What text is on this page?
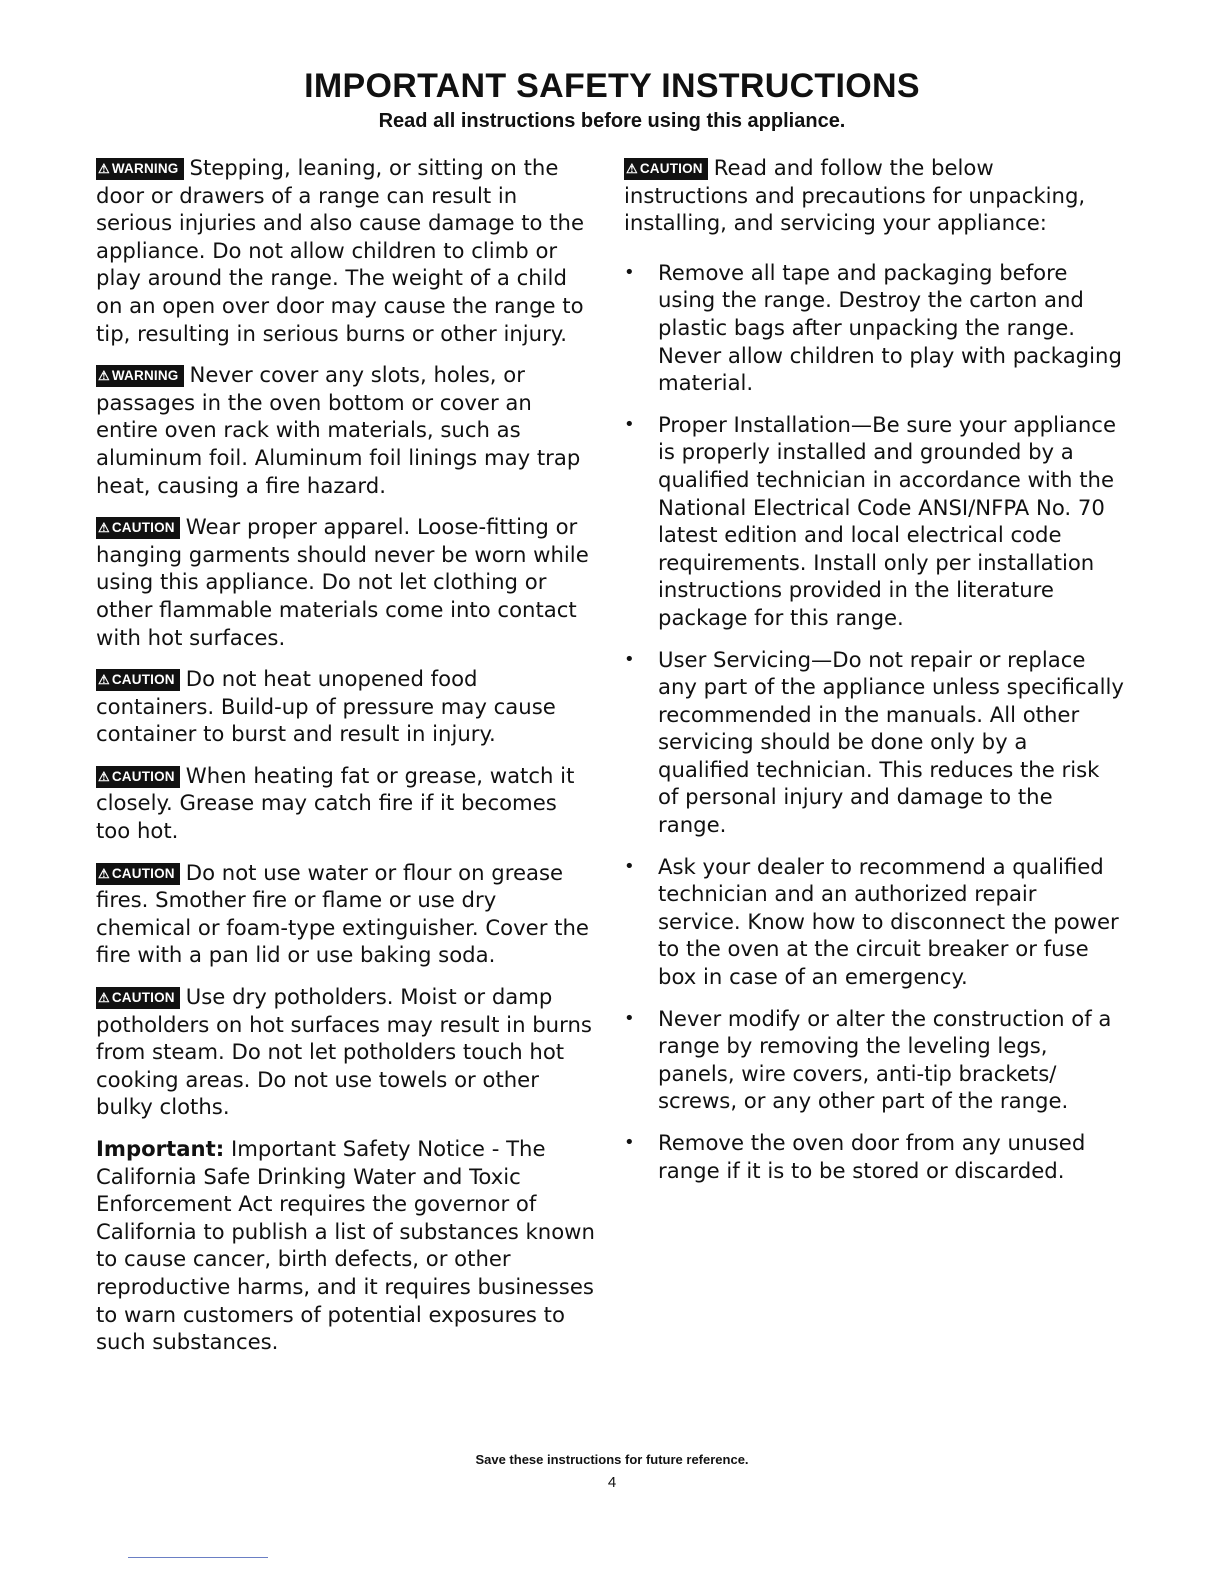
IMPORTANT SAFETY INSTRUCTIONS
Read all instructions before using this appliance.

⚠ WARNING Stepping, leaning, or sitting on the door or drawers of a range can result in serious injuries and also cause damage to the appliance. Do not allow children to climb or play around the range. The weight of a child on an open over door may cause the range to tip, resulting in serious burns or other injury.

⚠ WARNING Never cover any slots, holes, or passages in the oven bottom or cover an entire oven rack with materials, such as aluminum foil. Aluminum foil linings may trap heat, causing a fire hazard.

⚠ CAUTION Wear proper apparel. Loose-fitting or hanging garments should never be worn while using this appliance. Do not let clothing or other flammable materials come into contact with hot surfaces.

⚠ CAUTION Do not heat unopened food containers. Build-up of pressure may cause container to burst and result in injury.

⚠ CAUTION When heating fat or grease, watch it closely. Grease may catch fire if it becomes too hot.

⚠ CAUTION Do not use water or flour on grease fires. Smother fire or flame or use dry chemical or foam-type extinguisher. Cover the fire with a pan lid or use baking soda.

⚠ CAUTION Use dry potholders. Moist or damp potholders on hot surfaces may result in burns from steam. Do not let potholders touch hot cooking areas. Do not use towels or other bulky cloths.

Important: Important Safety Notice - The California Safe Drinking Water and Toxic Enforcement Act requires the governor of California to publish a list of substances known to cause cancer, birth defects, or other reproductive harms, and it requires businesses to warn customers of potential exposures to such substances.

⚠ CAUTION Read and follow the below instructions and precautions for unpacking, installing, and servicing your appliance:

• Remove all tape and packaging before using the range. Destroy the carton and plastic bags after unpacking the range. Never allow children to play with packaging material.
• Proper Installation—Be sure your appliance is properly installed and grounded by a qualified technician in accordance with the National Electrical Code ANSI/NFPA No. 70 latest edition and local electrical code requirements. Install only per installation instructions provided in the literature package for this range.
• User Servicing—Do not repair or replace any part of the appliance unless specifically recommended in the manuals. All other servicing should be done only by a qualified technician. This reduces the risk of personal injury and damage to the range.
• Ask your dealer to recommend a qualified technician and an authorized repair service. Know how to disconnect the power to the oven at the circuit breaker or fuse box in case of an emergency.
• Never modify or alter the construction of a range by removing the leveling legs, panels, wire covers, anti-tip brackets/ screws, or any other part of the range.
• Remove the oven door from any unused range if it is to be stored or discarded.
Save these instructions for future reference.
4
